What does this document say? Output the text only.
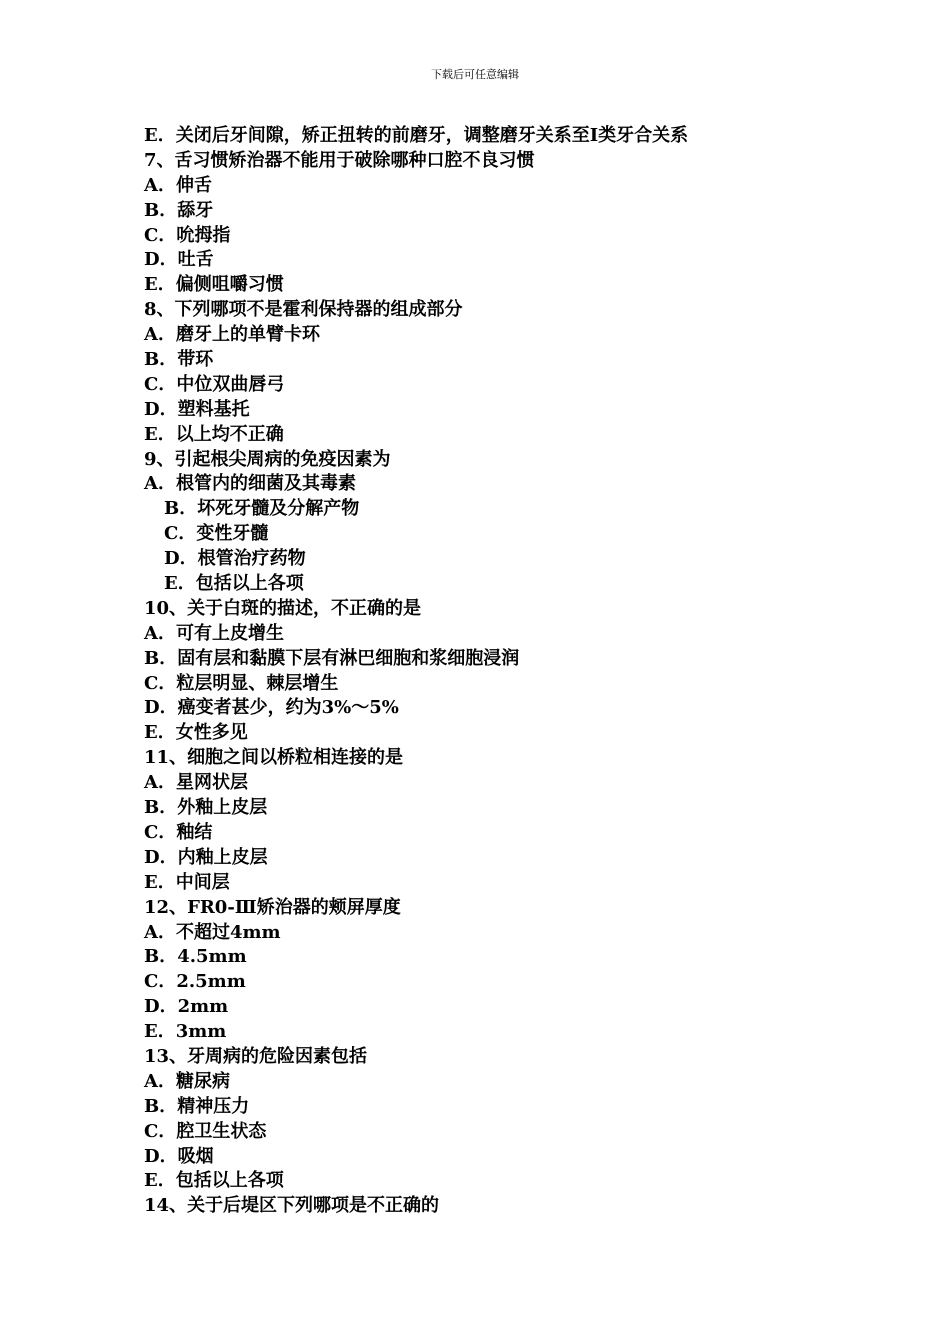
下载后可任意编辑
E．关闭后牙间隙，矫正扭转的前磨牙，调整磨牙关系至Ⅰ类牙合关系
7、舌习惯矫治器不能用于破除哪种口腔不良习惯
A．伸舌
B．舔牙
C．吮拇指
D．吐舌
E．偏侧咀嚼习惯
8、下列哪项不是霍利保持器的组成部分
A．磨牙上的单臂卡环
B．带环
C．中位双曲唇弓
D．塑料基托
E．以上均不正确
9、引起根尖周病的免疫因素为
A．根管内的细菌及其毒素
B．坏死牙髓及分解产物
C．变性牙髓
D．根管治疗药物
E．包括以上各项
10、关于白斑的描述，不正确的是
A．可有上皮增生
B．固有层和黏膜下层有淋巴细胞和浆细胞浸润
C．粒层明显、棘层增生
D．癌变者甚少，约为3%～5%
E．女性多见
11、细胞之间以桥粒相连接的是
A．星网状层
B．外釉上皮层
C．釉结
D．内釉上皮层
E．中间层
12、FR0-Ⅲ矫治器的颊屏厚度
A．不超过4mm
B．4.5mm
C．2.5mm
D．2mm
E．3mm
13、牙周病的危险因素包括
A．糖尿病
B．精神压力
C．腔卫生状态
D．吸烟
E．包括以上各项
14、关于后堤区下列哪项是不正确的
